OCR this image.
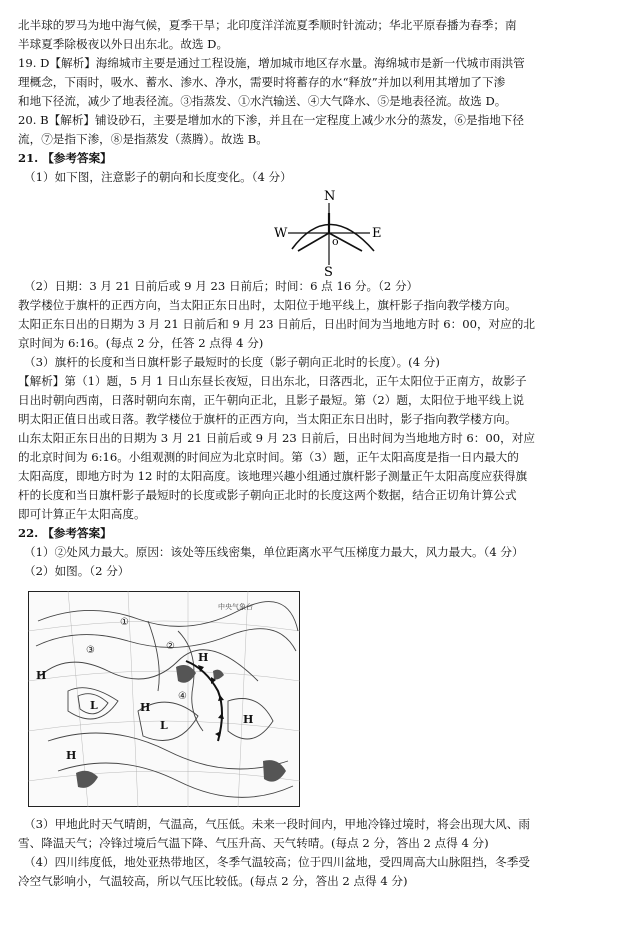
北半球的罗马为地中海气候，夏季干旱；北印度洋洋流夏季顺时针流动；华北平原春播为春季；南

半球夏季除极夜以外日出东北。故选 D。

19. D【解析】海绵城市主要是通过工程设施，增加城市地区存水量。海绵城市是新一代城市雨洪管

理概念，下雨时，吸水、蓄水、渗水、净水，需要时将蓄存的水“释放”并加以利用其增加了下渗

和地下径流，减少了地表径流。③指蒸发、①水汽输送、④大气降水、⑤是地表径流。故选 D。

20. B【解析】铺设砂石，主要是增加水的下渗，并且在一定程度上减少水分的蒸发，⑥是指地下径

流，⑦是指下渗，⑧是指蒸发（蒸腾）。故选 B。

21. 【参考答案】

（1）如下图，注意影子的朝向和长度变化。（4 分）

N
S
E
W
o

（2）日期：3 月 21 日前后或 9 月 23 日前后；时间：6 点 16 分。（2 分）

教学楼位于旗杆的正西方向，当太阳正东日出时，太阳位于地平线上，旗杆影子指向教学楼方向。

太阳正东日出的日期为 3 月 21 日前后和 9 月 23 日前后，日出时间为当地地方时 6：00，对应的北

京时间为 6:16。(每点 2 分，任答 2 点得 4 分)

（3）旗杆的长度和当日旗杆影子最短时的长度（影子朝向正北时的长度）。(4 分)

【解析】第（1）题，5 月 1 日山东昼长夜短，日出东北，日落西北，正午太阳位于正南方，故影子

日出时朝向西南，日落时朝向东南，正午朝向正北，且影子最短。第（2）题，太阳位于地平线上说

明太阳正值日出或日落。教学楼位于旗杆的正西方向，当太阳正东日出时，影子指向教学楼方向。

山东太阳正东日出的日期为 3 月 21 日前后或 9 月 23 日前后，日出时间为当地地方时 6：00，对应

的北京时间为 6:16。小组观测的时间应为北京时间。第（3）题，正午太阳高度是指一日内最大的

太阳高度，即地方时为 12 时的太阳高度。该地理兴趣小组通过旗杆影子测量正午太阳高度应获得旗

杆的长度和当日旗杆影子最短时的长度或影子朝向正北时的长度这两个数据，结合正切角计算公式

即可计算正午太阳高度。

22. 【参考答案】

（1）②处风力最大。原因：该处等压线密集，单位距离水平气压梯度力最大，风力最大。（4 分）

（2）如图。（2 分）

H
H
H
H
L
L
H
①
②
③
④
中央气象台

（3）甲地此时天气晴朗，气温高，气压低。未来一段时间内，甲地冷锋过境时，将会出现大风、雨

雪、降温天气；冷锋过境后气温下降、气压升高、天气转晴。(每点 2 分，答出 2 点得 4 分)

（4）四川纬度低，地处亚热带地区，冬季气温较高；位于四川盆地，受四周高大山脉阻挡，冬季受

冷空气影响小，气温较高，所以气压比较低。(每点 2 分，答出 2 点得 4 分)
